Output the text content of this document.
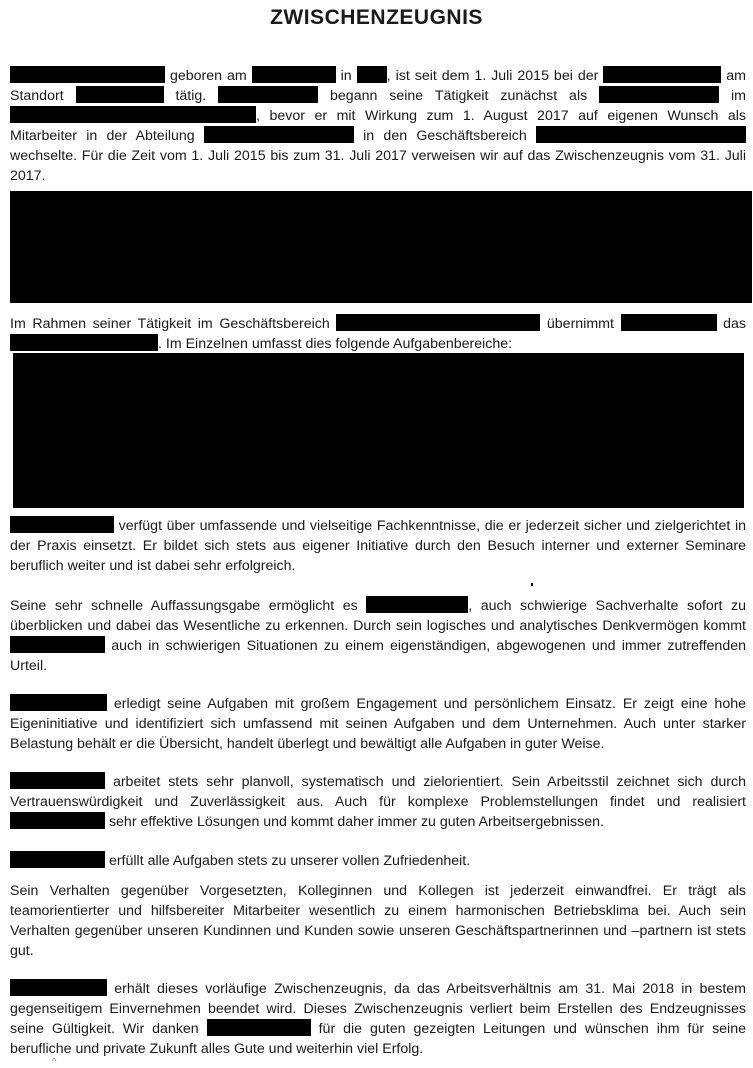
ZWISCHENZEUGNIS

geboren am	in , ist seit dem 1. Juli 2015 bei der	am Standort	tätig.	begann seine Tätigkeit zunächst als	im , bevor er mit Wirkung zum 1. August 2017 auf eigenen Wunsch als Mitarbeiter in der Abteilung	in den Geschäftsbereich  wechselte. Für die Zeit vom 1. Juli 2015 bis zum 31. Juli 2017 verweisen wir auf das Zwischenzeugnis vom 31. Juli 2017.

Im Rahmen seiner Tätigkeit im Geschäftsbereich	übernimmt	das . Im Einzelnen umfasst dies folgende Aufgabenbereiche:

verfügt über umfassende und vielseitige Fachkenntnisse, die er jederzeit sicher und zielgerichtet in der Praxis einsetzt. Er bildet sich stets aus eigener Initiative durch den Besuch interner und externer Seminare beruflich weiter und ist dabei sehr erfolgreich.

Seine sehr schnelle Auffassungsgabe ermöglicht es	, auch schwierige Sachverhalte sofort zu überblicken und dabei das Wesentliche zu erkennen. Durch sein logisches und analytisches Denkvermögen kommt  auch in schwierigen Situationen zu einem eigenständigen, abgewogenen und immer zutreffenden Urteil.

erledigt seine Aufgaben mit großem Engagement und persönlichem Einsatz. Er zeigt eine hohe Eigeninitiative und identifiziert sich umfassend mit seinen Aufgaben und dem Unternehmen. Auch unter starker Belastung behält er die Übersicht, handelt überlegt und bewältigt alle Aufgaben in guter Weise.

arbeitet stets sehr planvoll, systematisch und zielorientiert. Sein Arbeitsstil zeichnet sich durch Vertrauenswürdigkeit und Zuverlässigkeit aus. Auch für komplexe Problemstellungen findet und realisiert  sehr effektive Lösungen und kommt daher immer zu guten Arbeitsergebnissen.

erfüllt alle Aufgaben stets zu unserer vollen Zufriedenheit.

Sein Verhalten gegenüber Vorgesetzten, Kolleginnen und Kollegen ist jederzeit einwandfrei. Er trägt als teamorientierter und hilfsbereiter Mitarbeiter wesentlich zu einem harmonischen Betriebsklima bei. Auch sein Verhalten gegenüber unseren Kundinnen und Kunden sowie unseren Geschäftspartnerinnen und –partnern ist stets gut.

erhält dieses vorläufige Zwischenzeugnis, da das Arbeitsverhältnis am 31. Mai 2018 in bestem gegenseitigem Einvernehmen beendet wird. Dieses Zwischenzeugnis verliert beim Erstellen des Endzeugnisses seine Gültigkeit. Wir danken	für die guten gezeigten Leitungen und wünschen ihm für seine berufliche und private Zukunft alles Gute und weiterhin viel Erfolg.

^
